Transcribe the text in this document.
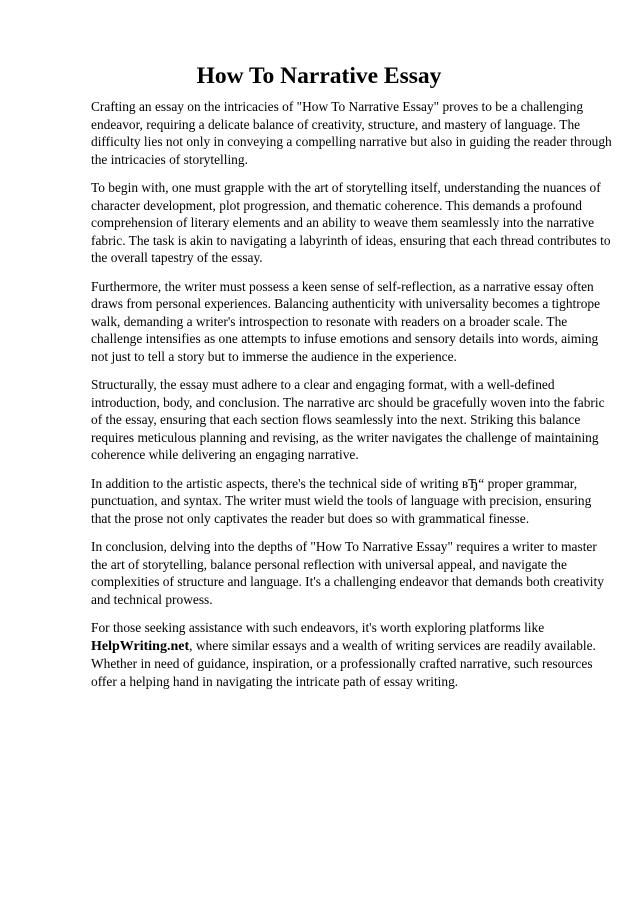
How To Narrative Essay

Crafting an essay on the intricacies of "How To Narrative Essay" proves to be a challenging
endeavor, requiring a delicate balance of creativity, structure, and mastery of language. The
difficulty lies not only in conveying a compelling narrative but also in guiding the reader through
the intricacies of storytelling.

To begin with, one must grapple with the art of storytelling itself, understanding the nuances of
character development, plot progression, and thematic coherence. This demands a profound
comprehension of literary elements and an ability to weave them seamlessly into the narrative
fabric. The task is akin to navigating a labyrinth of ideas, ensuring that each thread contributes to
the overall tapestry of the essay.

Furthermore, the writer must possess a keen sense of self-reflection, as a narrative essay often
draws from personal experiences. Balancing authenticity with universality becomes a tightrope
walk, demanding a writer's introspection to resonate with readers on a broader scale. The
challenge intensifies as one attempts to infuse emotions and sensory details into words, aiming
not just to tell a story but to immerse the audience in the experience.

Structurally, the essay must adhere to a clear and engaging format, with a well-defined
introduction, body, and conclusion. The narrative arc should be gracefully woven into the fabric
of the essay, ensuring that each section flows seamlessly into the next. Striking this balance
requires meticulous planning and revising, as the writer navigates the challenge of maintaining
coherence while delivering an engaging narrative.

In addition to the artistic aspects, there's the technical side of writing вЂ“ proper grammar,
punctuation, and syntax. The writer must wield the tools of language with precision, ensuring
that the prose not only captivates the reader but does so with grammatical finesse.

In conclusion, delving into the depths of "How To Narrative Essay" requires a writer to master
the art of storytelling, balance personal reflection with universal appeal, and navigate the
complexities of structure and language. It's a challenging endeavor that demands both creativity
and technical prowess.

For those seeking assistance with such endeavors, it's worth exploring platforms like
HelpWriting.net, where similar essays and a wealth of writing services are readily available.
Whether in need of guidance, inspiration, or a professionally crafted narrative, such resources
offer a helping hand in navigating the intricate path of essay writing.
